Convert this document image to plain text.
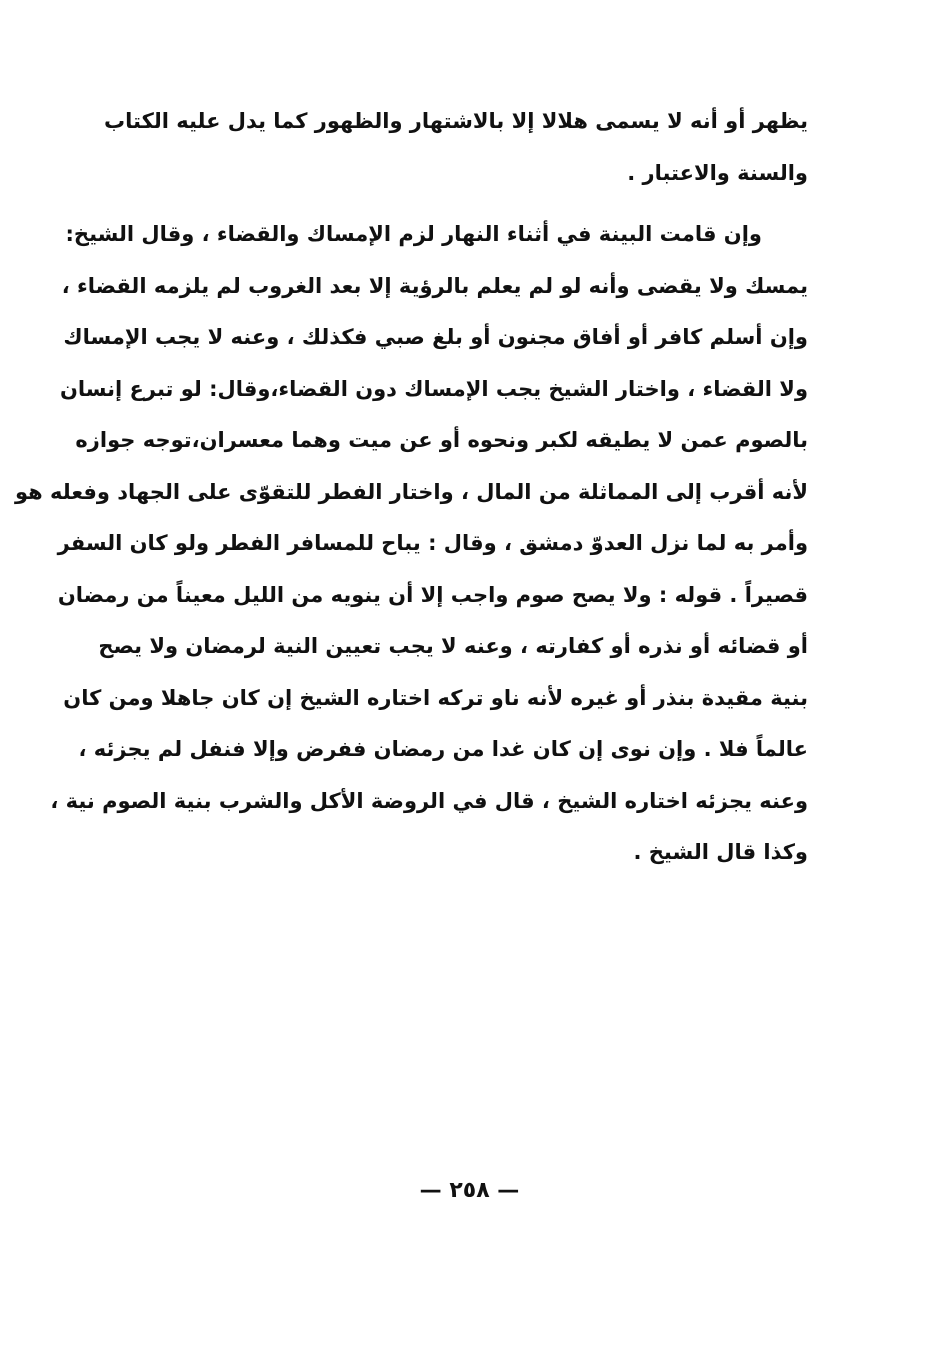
يظهر أو أنه لا يسمى هلالا إلا بالاشتهار والظهور كما يدل عليه الكتاب
والسنة والاعتبار .
وإن قامت البينة في أثناء النهار لزم الإمساك والقضاء ، وقال الشيخ:
يمسك ولا يقضى وأنه لو لم يعلم بالرؤية إلا بعد الغروب لم يلزمه القضاء ،
وإن أسلم كافر أو أفاق مجنون أو بلغ صبي فكذلك ، وعنه لا يجب الإمساك
ولا القضاء ، واختار الشيخ يجب الإمساك دون القضاء،وقال: لو تبرع إنسان
بالصوم عمن لا يطيقه لكبر ونحوه أو عن ميت وهما معسران،توجه جوازه
لأنه أقرب إلى المماثلة من المال ، واختار الفطر للتقوّى على الجهاد وفعله هو
وأمر به لما نزل العدوّ دمشق ، وقال : يباح للمسافر الفطر ولو كان السفر
قصيراً . قوله : ولا يصح صوم واجب إلا أن ينويه من الليل معيناً من رمضان
أو قضائه أو نذره أو كفارته ، وعنه لا يجب تعيين النية لرمضان ولا يصح
بنية مقيدة بنذر أو غيره لأنه ناو تركه اختاره الشيخ إن كان جاهلا ومن كان
عالماً فلا . وإن نوى إن كان غدا من رمضان ففرض وإلا فنفل لم يجزئه ،
وعنه يجزئه اختاره الشيخ ، قال في الروضة الأكل والشرب بنية الصوم نية ،
وكذا قال الشيخ .
— ٢٥٨ —
